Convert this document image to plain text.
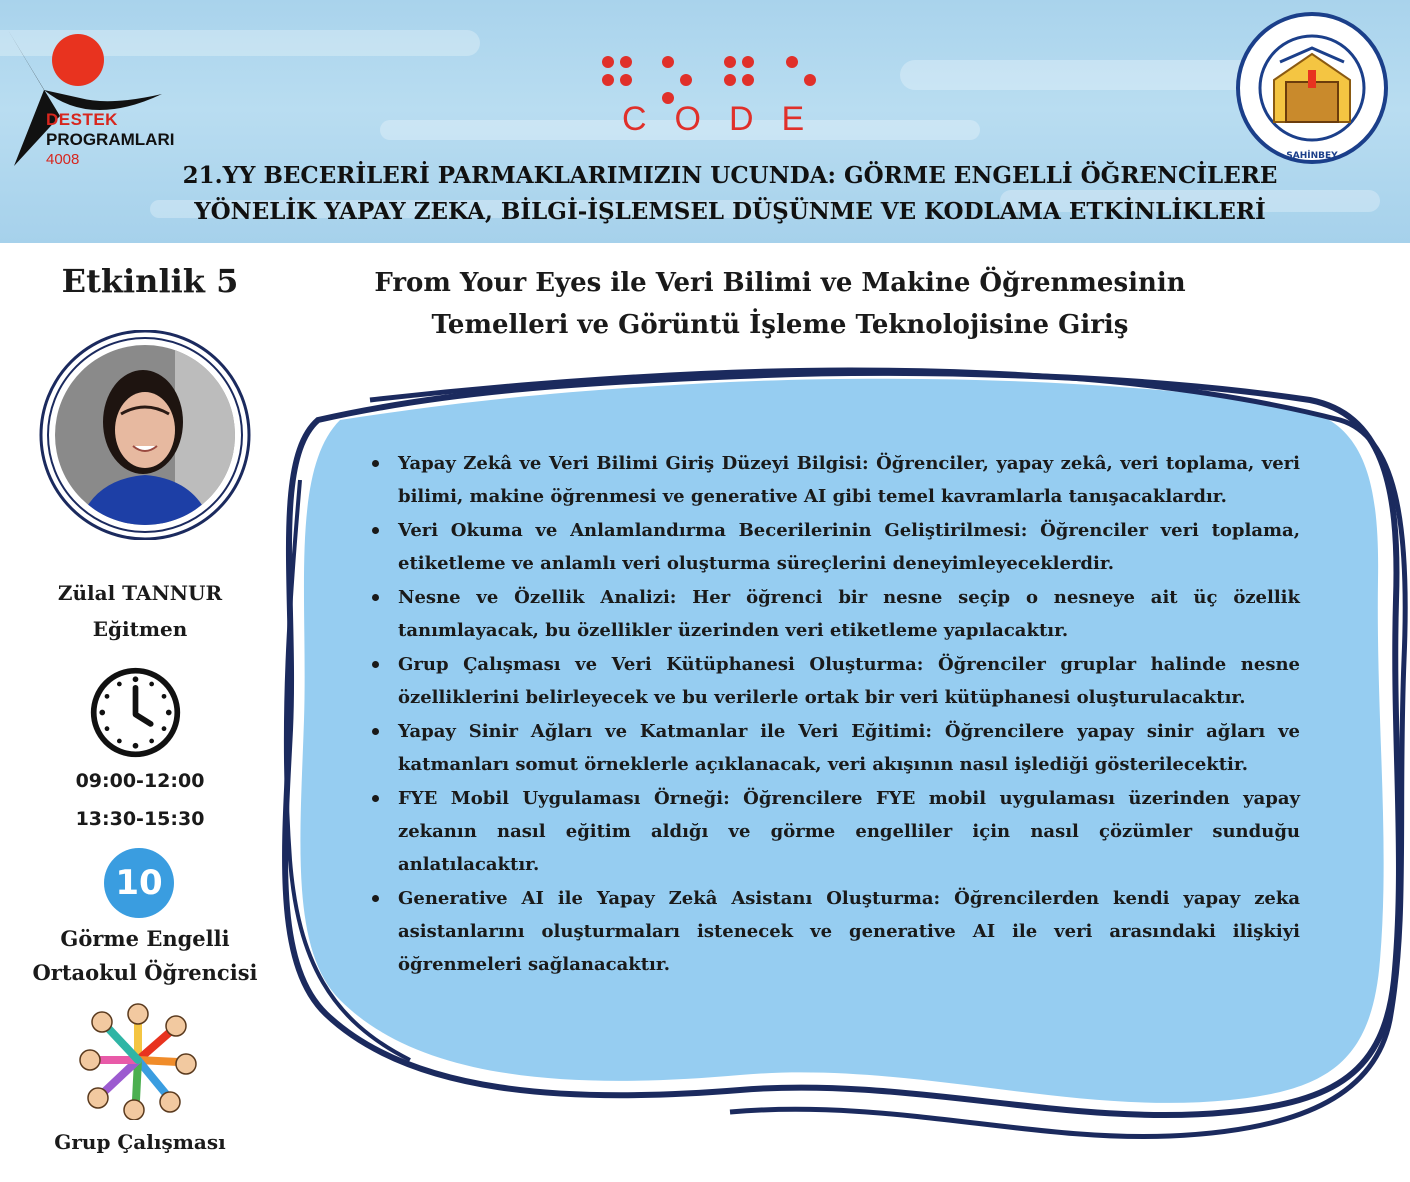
DESTEK
PROGRAMLARI
4008
CODE
ŞAHİNBEY
21.YY BECERİLERİ PARMAKLARIMIZIN UCUNDA: GÖRME ENGELLİ ÖĞRENCİLERE
YÖNELİK YAPAY ZEKA, BİLGİ-İŞLEMSEL DÜŞÜNME VE KODLAMA ETKİNLİKLERİ
Etkinlik 5
Zülal TANNUR
Eğitmen
09:00-12:00
13:30-15:30
10
Görme Engelli
Ortaokul Öğrencisi
Grup Çalışması
From Your Eyes ile Veri Bilimi ve Makine Öğrenmesinin
Temelleri ve Görüntü İşleme Teknolojisine Giriş
Yapay Zekâ ve Veri Bilimi Giriş Düzeyi Bilgisi: Öğrenciler, yapay zekâ, veri toplama, veri bilimi, makine öğrenmesi ve generative AI gibi temel kavramlarla tanışacaklardır.
Veri Okuma ve Anlamlandırma Becerilerinin Geliştirilmesi: Öğrenciler veri toplama, etiketleme ve anlamlı veri oluşturma süreçlerini deneyimleyeceklerdir.
Nesne ve Özellik Analizi: Her öğrenci bir nesne seçip o nesneye ait üç özellik tanımlayacak, bu özellikler üzerinden veri etiketleme yapılacaktır.
Grup Çalışması ve Veri Kütüphanesi Oluşturma: Öğrenciler gruplar halinde nesne özelliklerini belirleyecek ve bu verilerle ortak bir veri kütüphanesi oluşturulacaktır.
Yapay Sinir Ağları ve Katmanlar ile Veri Eğitimi: Öğrencilere yapay sinir ağları ve katmanları somut örneklerle açıklanacak, veri akışının nasıl işlediği gösterilecektir.
FYE Mobil Uygulaması Örneği: Öğrencilere FYE mobil uygulaması üzerinden yapay zekanın nasıl eğitim aldığı ve görme engelliler için nasıl çözümler sunduğu anlatılacaktır.
Generative AI ile Yapay Zekâ Asistanı Oluşturma: Öğrencilerden kendi yapay zeka asistanlarını oluşturmaları istenecek ve generative AI ile veri arasındaki ilişkiyi öğrenmeleri sağlanacaktır.
